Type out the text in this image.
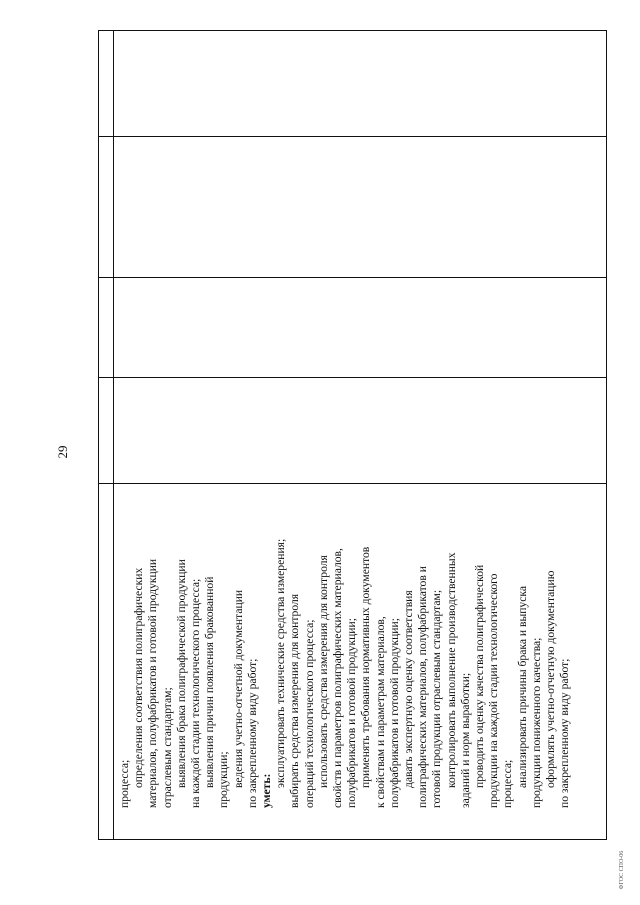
29
процесса; определения соответствия полиграфических материалов, полуфабрикатов и готовой продукции отраслевым стандартам; выявления брака полиграфической продукции на каждой стадии технологического процесса; выявления причин появления бракованной продукции; ведения учетно-отчетной документации по закрепленному виду работ; уметь:
эксплуатировать технические средства измерения; выбирать средства измерения для контроля операций технологического процесса; использовать средства измерения для контроля свойств и параметров полиграфических материалов, полуфабрикатов и готовой продукции; применять требования нормативных документов к свойствам и параметрам материалов, полуфабрикатов и готовой продукции; давать экспертную оценку соответствия полиграфических материалов, полуфабрикатов и готовой продукции отраслевым стандартам; контролировать выполнение производственных заданий и норм выработки; проводить оценку качества полиграфической продукции на каждой стадии технологического процесса; анализировать причины брака и выпуска продукции пониженного качества; оформлять учетно-отчетную документацию по закрепленному виду работ;
ФГОС СПО-06
